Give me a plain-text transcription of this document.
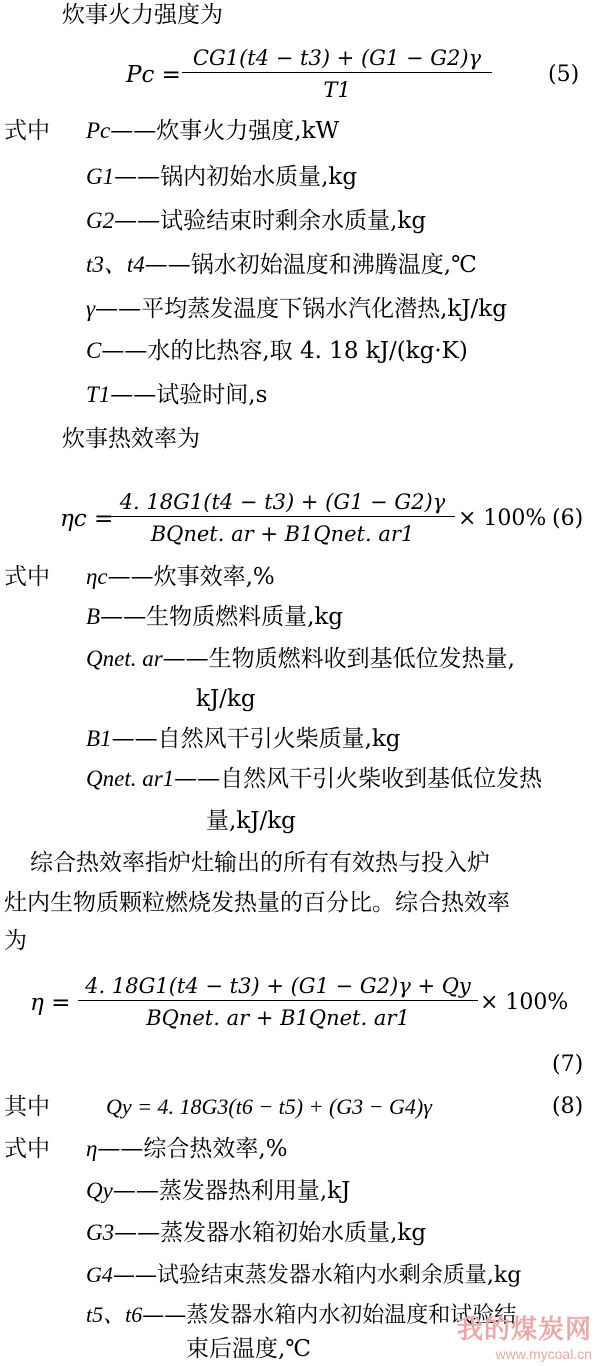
炊事火力强度为
$Pc = \frac{CG1(t4 - t3) + (G1 - G2)\gamma}{T1}$	(5)
式中 Pc——炊事火力强度,kW
G1——锅内初始水质量,kg
G2——试验结束时剩余水质量,kg
t3、t4——锅水初始温度和沸腾温度,℃
γ——平均蒸发温度下锅水汽化潜热,kJ/kg
C——水的比热容,取 4. 18 kJ/(kg·K)
T1——试验时间,s
炊事热效率为
ηc =
4. 18G1(t4 − t3) + (G1 − G2)γ
BQnet. ar + B1Qnet. ar1
× 100% (6)
式中 ηc——炊事效率,%
B——生物质燃料质量,kg
Qnet. ar——生物质燃料收到基低位发热量,
kJ/kg
B1——自然风干引火柴质量,kg
Qnet. ar1——自然风干引火柴收到基低位发热
量,kJ/kg
综合热效率指炉灶输出的所有有效热与投入炉
灶内生物质颗粒燃烧发热量的百分比。综合热效率
为
η =
4. 18G1(t4 − t3) + (G1 − G2)γ + Qy
BQnet. ar + B1Qnet. ar1
× 100%
(7)
其中	Qy = 4. 18G3(t6 − t5) + (G3 − G4)γ	(8)
式中 η——综合热效率,%
Qy——蒸发器热利用量,kJ
G3——蒸发器水箱初始水质量,kg
G4——试验结束蒸发器水箱内水剩余质量,kg
t5、t6——蒸发器水箱内水初始温度和试验结
束后温度,℃
我的煤炭网
www.mycoal.cn
